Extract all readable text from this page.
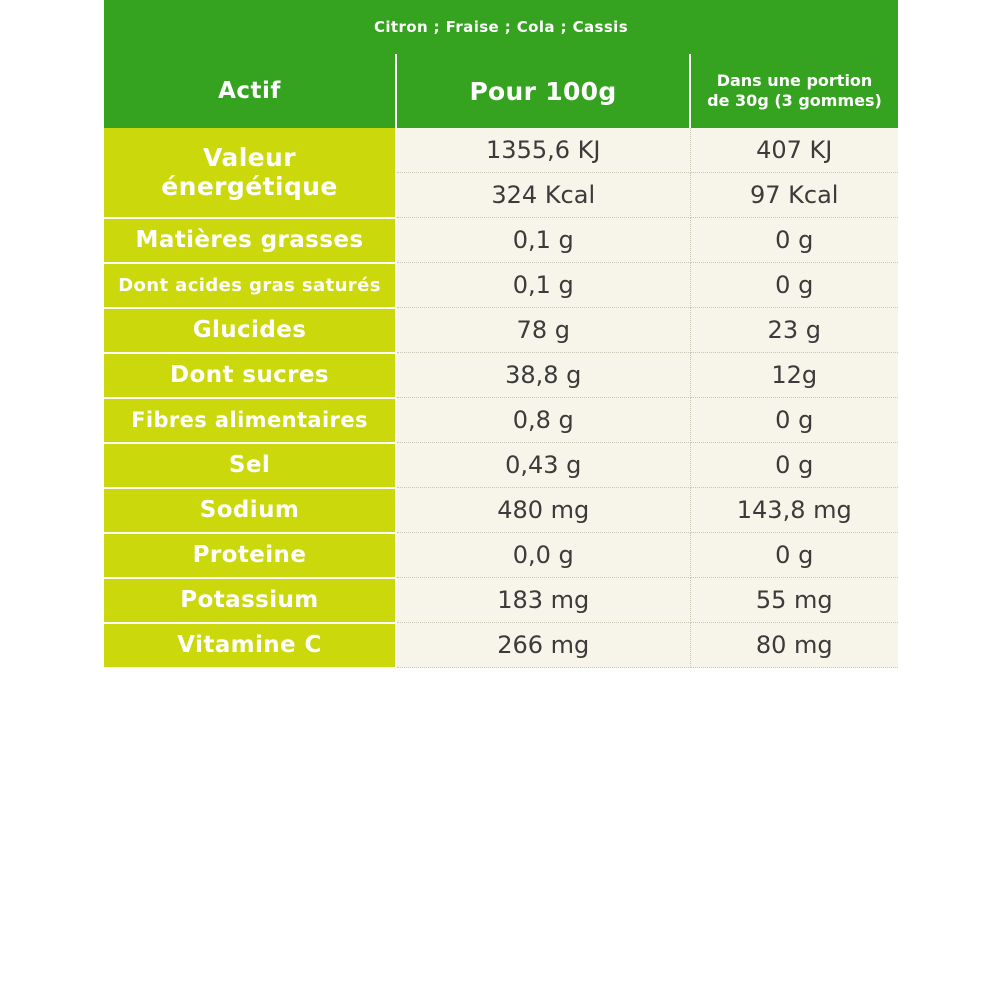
Citron ; Fraise ; Cola ; Cassis		
Actif	Pour 100g	Dans une portion
de 30g (3 gommes)

Valeur énergétique	1355,6 KJ	407 KJ
	324 Kcal	97 Kcal
Matières grasses	0,1 g	0 g
Dont acides gras saturés	0,1 g	0 g
Glucides	78 g	23 g
Dont sucres	38,8 g	12g
Fibres alimentaires	0,8 g	0 g
Sel	0,43 g	0 g
Sodium	480 mg	143,8 mg
Proteine	0,0 g	0 g
Potassium	183 mg	55 mg
Vitamine C	266 mg	80 mg
